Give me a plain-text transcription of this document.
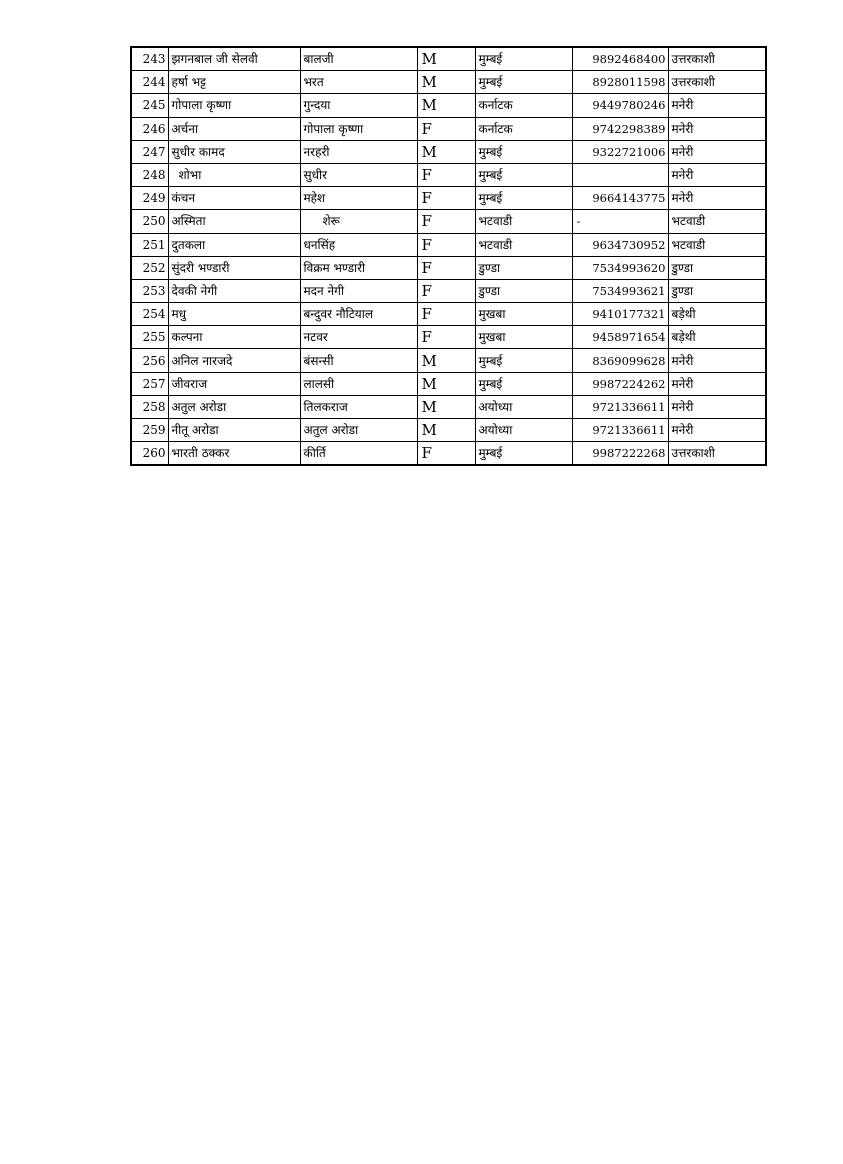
243	झगनबाल जी सेलवी	बालजी	M	मुम्बई	9892468400	उत्तरकाशी
244	हर्षा भट्ट	भरत	M	मुम्बई	8928011598	उत्तरकाशी
245	गोपाला कृष्णा	गुन्दया	M	कर्नाटक	9449780246	मनेरी
246	अर्चना	गोपाला कृष्णा	F	कर्नाटक	9742298389	मनेरी
247	सुधीर कामद	नरहरी	M	मुम्बई	9322721006	मनेरी
248	शोभा	सुधीर	F	मुम्बई		मनेरी
249	कंचन	महेश	F	मुम्बई	9664143775	मनेरी
250	अस्मिता	शेरू	F	भटवाडी	-	भटवाडी
251	दुतकला	धनसिंह	F	भटवाडी	9634730952	भटवाडी
252	सुंदरी भण्डारी	विक्रम भण्डारी	F	डुण्डा	7534993620	डुण्डा
253	देवकी नेगी	मदन नेगी	F	डुण्डा	7534993621	डुण्डा
254	मधु	बन्दुवर नौटियाल	F	मुखबा	9410177321	बड़ेथी
255	कल्पना	नटवर	F	मुखबा	9458971654	बड़ेथी
256	अनिल नारजदे	बंसन्सी	M	मुम्बई	8369099628	मनेरी
257	जीवराज	लालसी	M	मुम्बई	9987224262	मनेरी
258	अतुल अरोडा	तिलकराज	M	अयोध्या	9721336611	मनेरी
259	नीतू अरोडा	अतुल अरोडा	M	अयोध्या	9721336611	मनेरी
260	भारती ठक्कर	कीर्ति	F	मुम्बई	9987222268	उत्तरकाशी
